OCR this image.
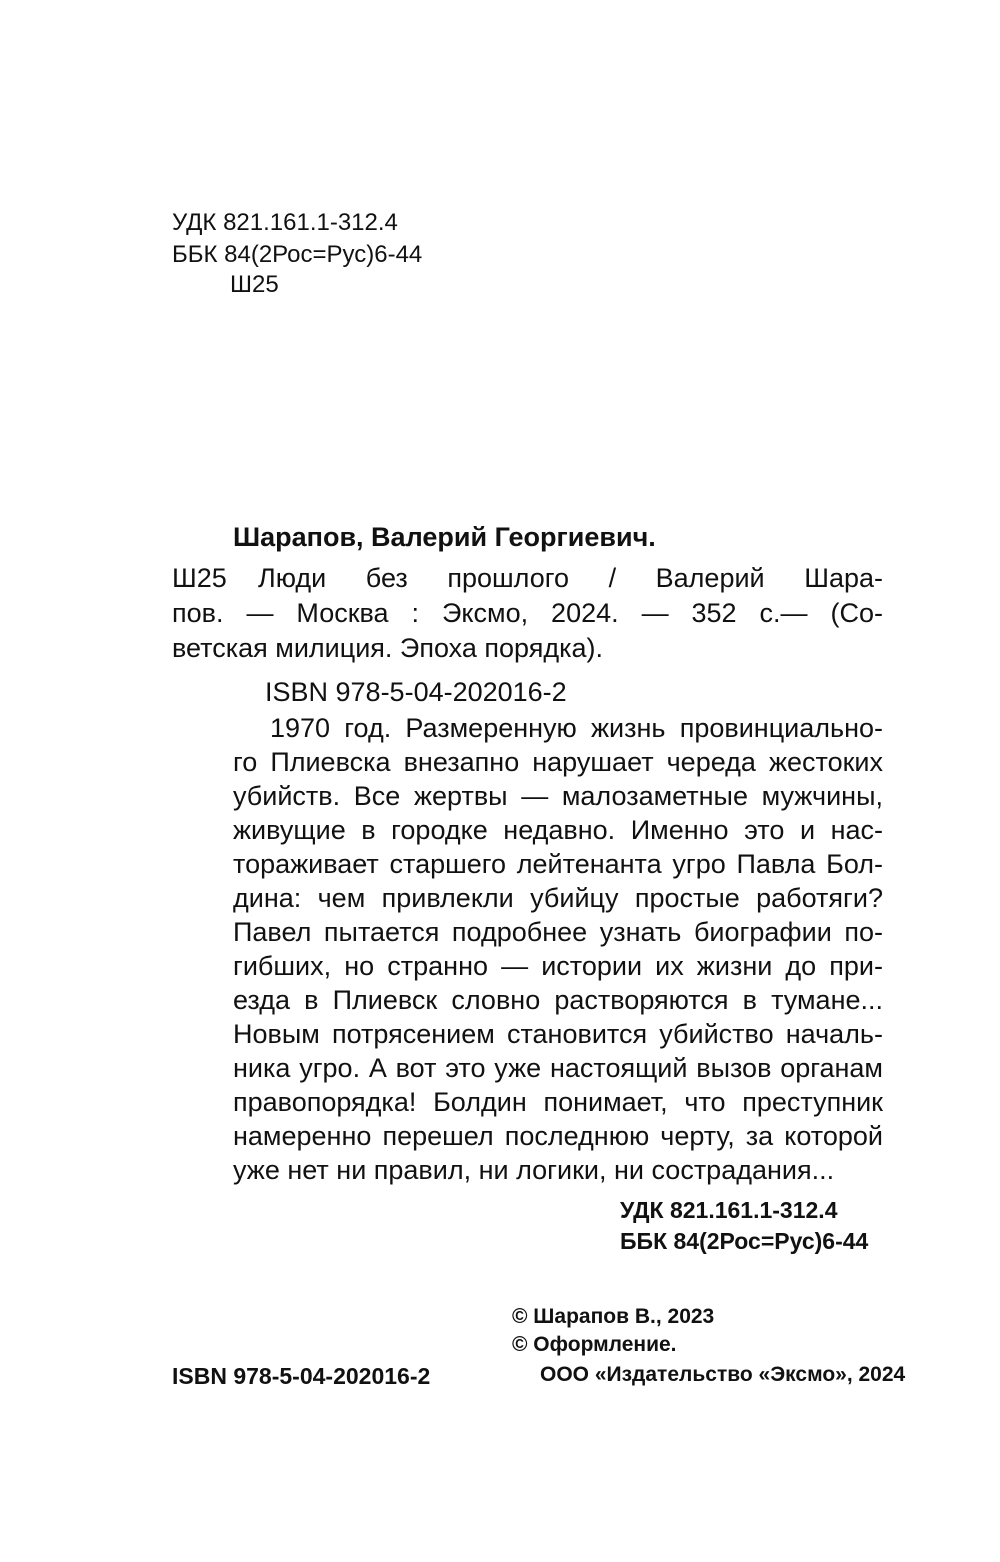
УДК 821.161.1-312.4
ББК 84(2Рос=Рус)6-44
Ш25
Шарапов, Валерий Георгиевич.
Ш25 Люди без прошлого / Валерий Шара-
пов. — Москва : Эксмо, 2024. — 352 с.— (Со-
ветская милиция. Эпоха порядка).
ISBN 978-5-04-202016-2
1970 год. Размеренную жизнь провинциально-
го Плиевска внезапно нарушает череда жестоких
убийств. Все жертвы — малозаметные мужчины,
живущие в городке недавно. Именно это и нас-
тораживает старшего лейтенанта угро Павла Бол-
дина: чем привлекли убийцу простые работяги?
Павел пытается подробнее узнать биографии по-
гибших, но странно — истории их жизни до при-
езда в Плиевск словно растворяются в тумане...
Новым потрясением становится убийство началь-
ника угро. А вот это уже настоящий вызов органам
правопорядка! Болдин понимает, что преступник
намеренно перешел последнюю черту, за которой
уже нет ни правил, ни логики, ни сострадания...
УДК 821.161.1-312.4
ББК 84(2Рос=Рус)6-44
© Шарапов В., 2023
© Оформление.
ISBN 978-5-04-202016-2	ООО «Издательство «Эксмо», 2024
